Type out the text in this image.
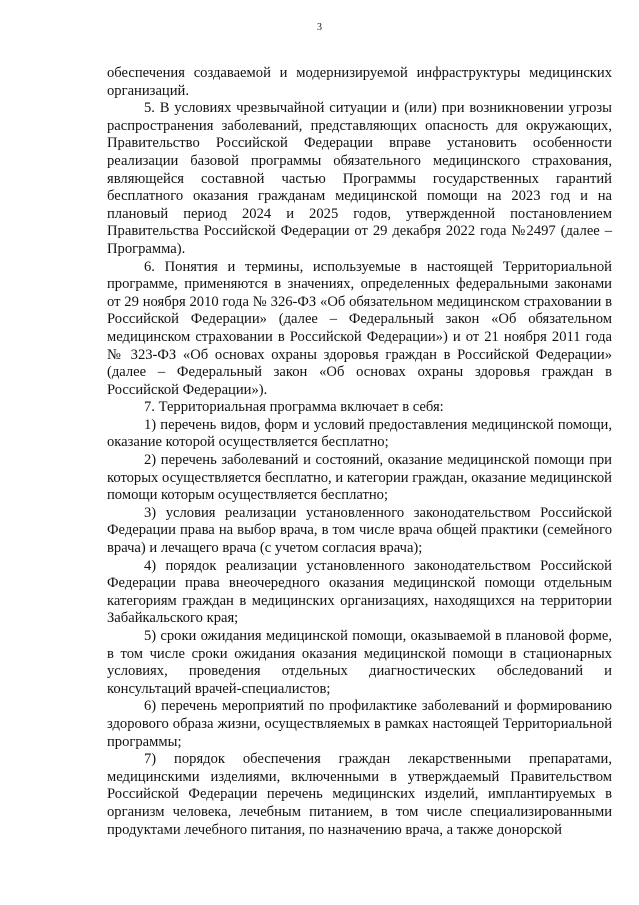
3

обеспечения создаваемой и модернизируемой инфраструктуры медицинских организаций.

5. В условиях чрезвычайной ситуации и (или) при возникновении угрозы распространения заболеваний, представляющих опасность для окружающих, Правительство Российской Федерации вправе установить особенности реализации базовой программы обязательного медицинского страхования, являющейся составной частью Программы государственных гарантий бесплатного оказания гражданам медицинской помощи на 2023 год и на плановый период 2024 и 2025 годов, утвержденной постановлением Правительства Российской Федерации от 29 декабря 2022 года №2497 (далее – Программа).

6. Понятия и термины, используемые в настоящей Территориальной программе, применяются в значениях, определенных федеральными законами от 29 ноября 2010 года № 326-ФЗ «Об обязательном медицинском страховании в Российской Федерации» (далее – Федеральный закон «Об обязательном медицинском страховании в Российской Федерации») и от 21 ноября 2011 года № 323-ФЗ «Об основах охраны здоровья граждан в Российской Федерации» (далее – Федеральный закон «Об основах охраны здоровья граждан в Российской Федерации»).

7. Территориальная программа включает в себя:

1) перечень видов, форм и условий предоставления медицинской помощи, оказание которой осуществляется бесплатно;

2) перечень заболеваний и состояний, оказание медицинской помощи при которых осуществляется бесплатно, и категории граждан, оказание медицинской помощи которым осуществляется бесплатно;

3) условия реализации установленного законодательством Российской Федерации права на выбор врача, в том числе врача общей практики (семейного врача) и лечащего врача (с учетом согласия врача);

4) порядок реализации установленного законодательством Российской Федерации права внеочередного оказания медицинской помощи отдельным категориям граждан в медицинских организациях, находящихся на территории Забайкальского края;

5) сроки ожидания медицинской помощи, оказываемой в плановой форме, в том числе сроки ожидания оказания медицинской помощи в стационарных условиях, проведения отдельных диагностических обследований и консультаций врачей-специалистов;

6) перечень мероприятий по профилактике заболеваний и формированию здорового образа жизни, осуществляемых в рамках настоящей Территориальной программы;

7) порядок обеспечения граждан лекарственными препаратами, медицинскими изделиями, включенными в утверждаемый Правительством Российской Федерации перечень медицинских изделий, имплантируемых в организм человека, лечебным питанием, в том числе специализированными продуктами лечебного питания, по назначению врача, а также донорской
